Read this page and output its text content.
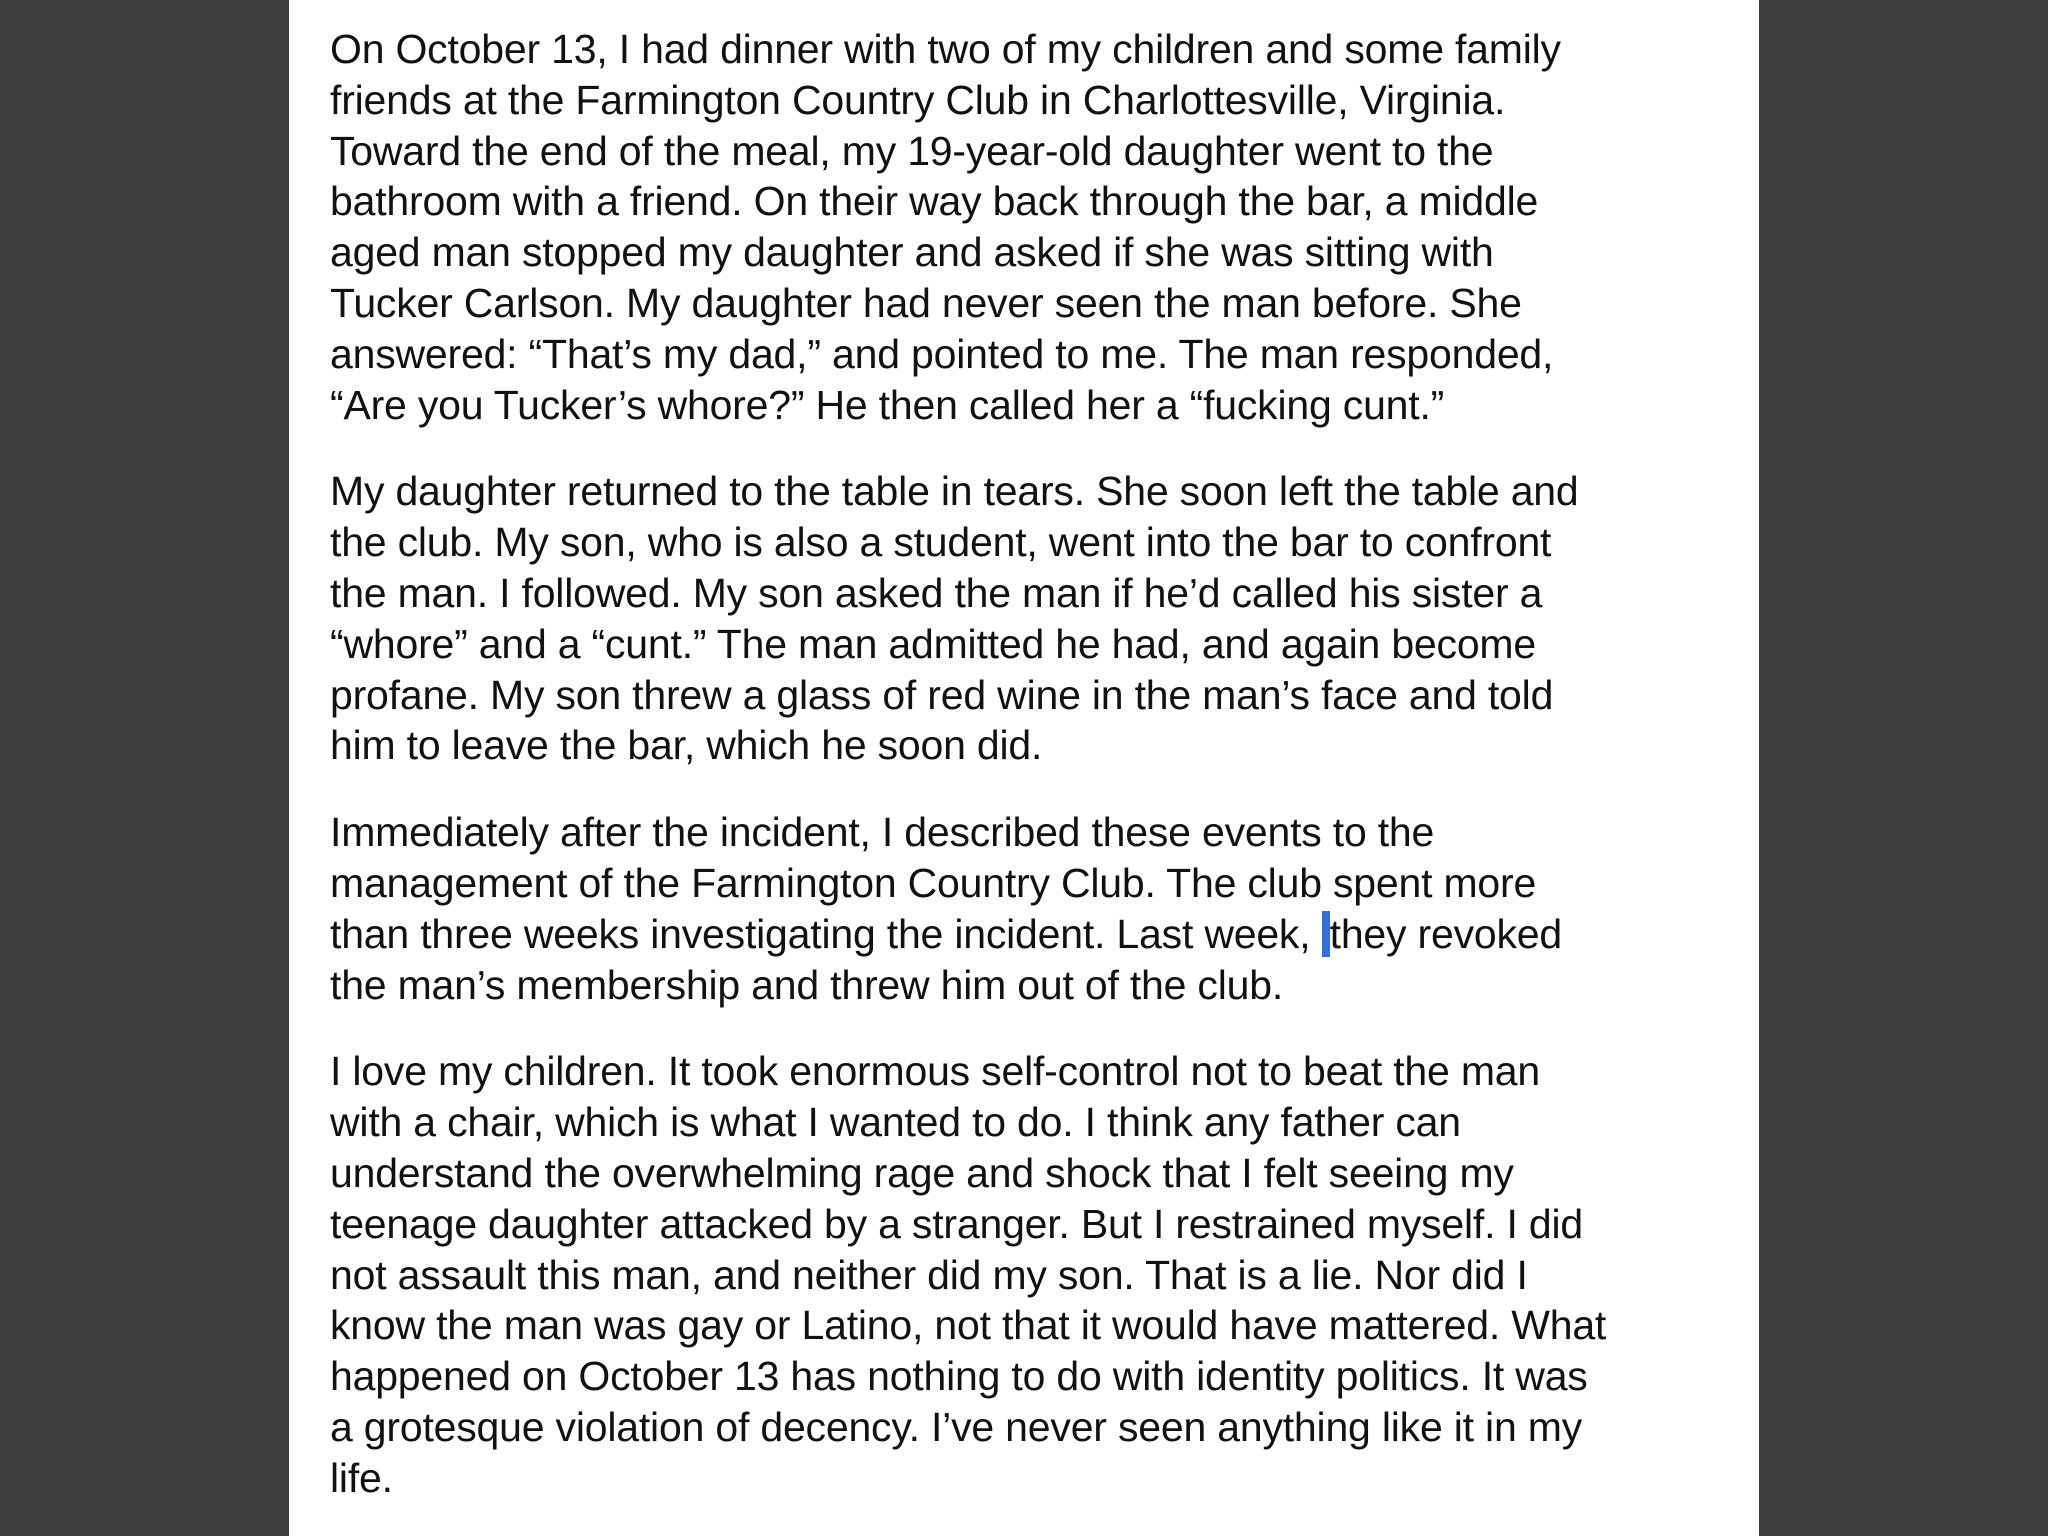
On October 13, I had dinner with two of my children and some family
friends at the Farmington Country Club in Charlottesville, Virginia.
Toward the end of the meal, my 19-year-old daughter went to the
bathroom with a friend. On their way back through the bar, a middle
aged man stopped my daughter and asked if she was sitting with
Tucker Carlson. My daughter had never seen the man before. She
answered: “That’s my dad,” and pointed to me. The man responded,
“Are you Tucker’s whore?” He then called her a “fucking cunt.”

My daughter returned to the table in tears. She soon left the table and
the club. My son, who is also a student, went into the bar to confront
the man. I followed. My son asked the man if he’d called his sister a
“whore” and a “cunt.” The man admitted he had, and again become
profane. My son threw a glass of red wine in the man’s face and told
him to leave the bar, which he soon did.

Immediately after the incident, I described these events to the
management of the Farmington Country Club. The club spent more
than three weeks investigating the incident. Last week, they revoked
the man’s membership and threw him out of the club.

I love my children. It took enormous self-control not to beat the man
with a chair, which is what I wanted to do. I think any father can
understand the overwhelming rage and shock that I felt seeing my
teenage daughter attacked by a stranger. But I restrained myself. I did
not assault this man, and neither did my son. That is a lie. Nor did I
know the man was gay or Latino, not that it would have mattered. What
happened on October 13 has nothing to do with identity politics. It was
a grotesque violation of decency. I’ve never seen anything like it in my
life.
